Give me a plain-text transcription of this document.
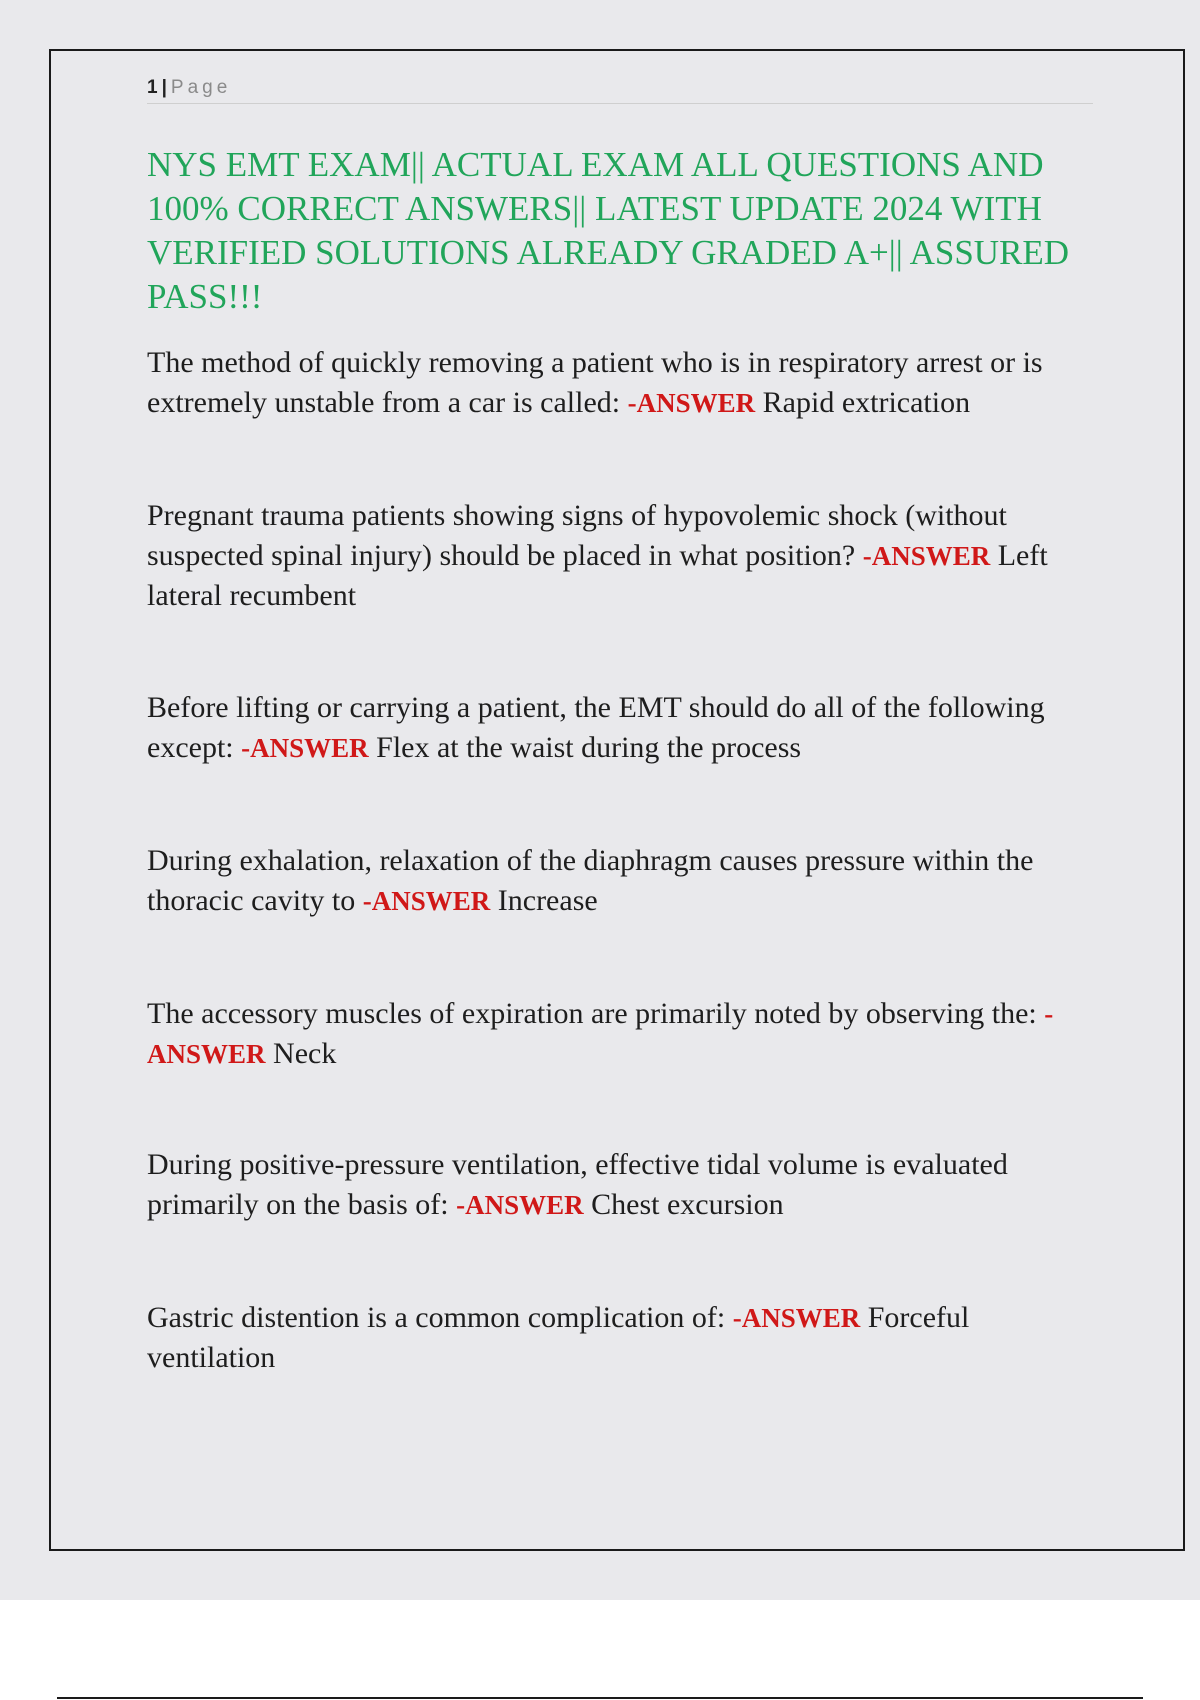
1 | Page
NYS EMT EXAM|| ACTUAL EXAM ALL QUESTIONS AND 100% CORRECT ANSWERS|| LATEST UPDATE 2024 WITH VERIFIED SOLUTIONS ALREADY GRADED A+|| ASSURED PASS!!!

The method of quickly removing a patient who is in respiratory arrest or is extremely unstable from a car is called: -ANSWER Rapid extrication

Pregnant trauma patients showing signs of hypovolemic shock (without suspected spinal injury) should be placed in what position? -ANSWER Left lateral recumbent

Before lifting or carrying a patient, the EMT should do all of the following except: -ANSWER Flex at the waist during the process

During exhalation, relaxation of the diaphragm causes pressure within the thoracic cavity to -ANSWER Increase

The accessory muscles of expiration are primarily noted by observing the: -ANSWER Neck

During positive-pressure ventilation, effective tidal volume is evaluated primarily on the basis of: -ANSWER Chest excursion

Gastric distention is a common complication of: -ANSWER Forceful ventilation
